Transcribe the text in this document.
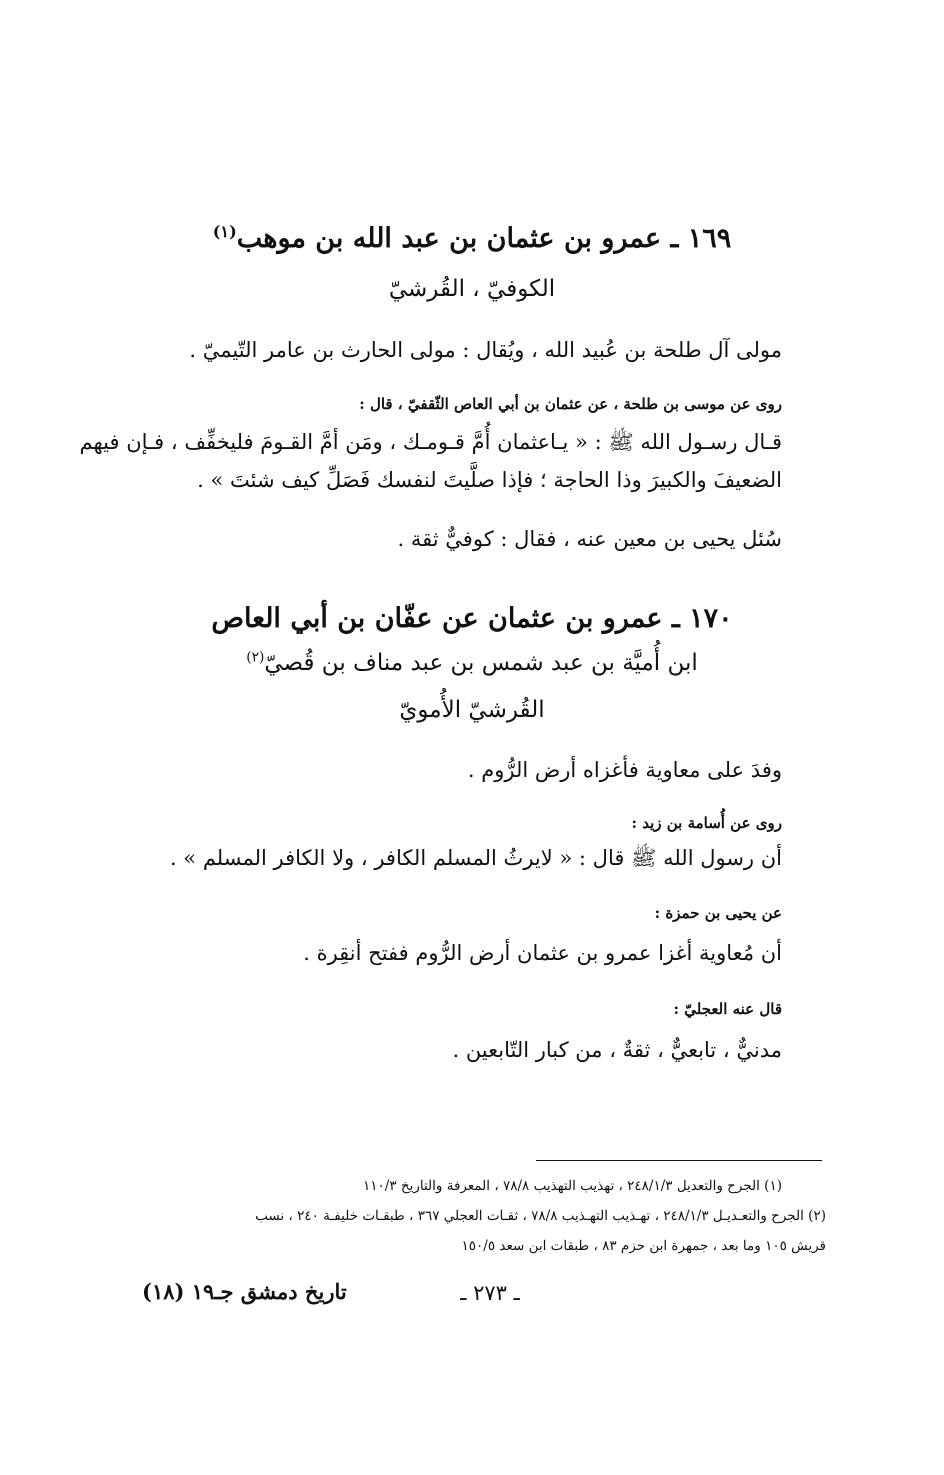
١٦٩ ـ عمرو بن عثمان بن عبد الله بن موهب$^{(١)}$
الكوفيّ ، القُرشيّ
مولى آل طلحة بن عُبيد الله ، ويُقال : مولى الحارث بن عامر التّيميّ .
روى عن موسى بن طلحة ، عن عثمان بن أبي العاص الثّقفيّ ، قال :
قـال رسـول الله ﷺ : « يـاعثمان أُمَّ قـومـك ، ومَن أمَّ القـومَ فليخفِّف ، فـإن فيهم
الضعيفَ والكبيرَ وذا الحاجة ؛ فإذا صلَّيتَ لنفسك فَصَلِّ كيف شئتَ » .
سُئل يحيى بن معين عنه ، فقال : كوفيٌّ ثقة .
١٧٠ ـ عمرو بن عثمان عن عفّان بن أبي العاص
ابن أُميَّة بن عبد شمس بن عبد مناف بن قُصيّ$^{(٢)}$
القُرشيّ الأُمويّ
وفدَ على معاوية فأغزاه أرض الرُّوم .
روى عن أُسامة بن زيد :
أن رسول الله ﷺ قال : « لايرثُ المسلم الكافر ، ولا الكافر المسلم » .
عن يحيى بن حمزة :
أن مُعاوية أغزا عمرو بن عثمان أرض الرُّوم ففتح أنقِرة .
قال عنه العجليّ :
مدنيٌّ ، تابعيٌّ ، ثقةٌ ، من كبار التّابعين .
(١) الجرح والتعديل ٢٤٨/١/٣ ، تهذيب التهذيب ٧٨/٨ ، المعرفة والتاريخ ١١٠/٣
(٢) الجرح والتعـديـل ٢٤٨/١/٣ ، تهـذيب التهـذيب ٧٨/٨ ، ثقـات العجلي ٣٦٧ ، طبقـات خليفـة ٢٤٠ ، نسب
قريش ١٠٥ وما بعد ، جمهرة ابن حزم ٨٣ ، طبقات ابن سعد ١٥٠/٥
ـ ٢٧٣ ـ
تاريخ دمشق جـ١٩ (١٨)
